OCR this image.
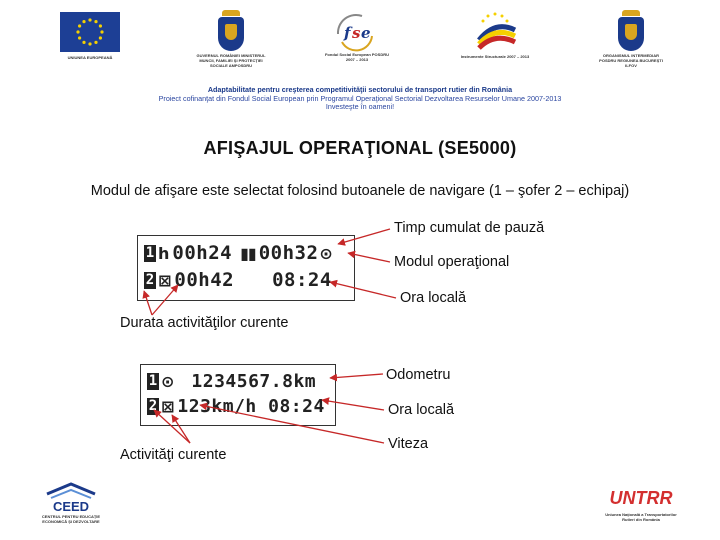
UNIUNEA EUROPEANĂ	GUVERNUL ROMÂNIEI MINISTERUL MUNCII, FAMILIEI ŞI PROTECŢIEI SOCIALE AMPOSDRU
f s e
Fondul Social European POSDRU 2007 – 2013
Instrumente Structurale 2007 – 2013	ORGANISMUL INTERMEDIAR POSDRU REGIUNEA BUCUREŞTI ILFOV
Adaptabilitate pentru creşterea competitivităţii sectorului de transport rutier din România
Proiect cofinanţat din Fondul Social European prin Programul Operaţional Sectorial Dezvoltarea Resurselor Umane 2007-2013
Investeşte în oameni!
AFIŞAJUL OPERAŢIONAL (SE5000)
Modul de afişare este selectat folosind butoanele de navigare (1 – şofer 2 – echipaj)
1 h 00h24 ▮▮ 00h32 ⊙
2 ⊠ 00h42 08:24
1 ⊙ 1234567.8km
2 ⊠ 123km/h 08:24
Timp cumulat de pauză
Modul operaţional
Ora locală
Durata activităţilor curente
Odometru
Ora locală
Viteza
Activităţi curente
CEED
CENTRUL PENTRU EDUCAŢIE ECONOMICĂ ŞI DEZVOLTARE
UNTRR
Uniunea Naţională a Transportatorilor Rutieri din România
